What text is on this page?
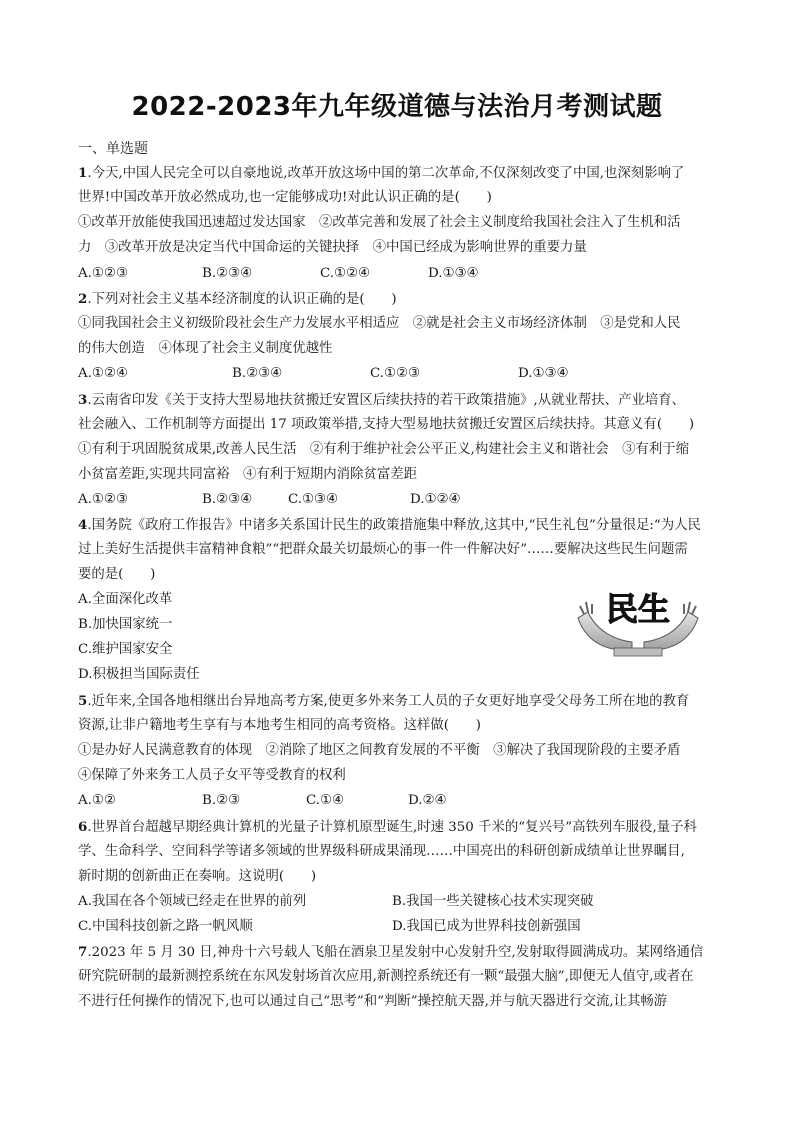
2022-2023年九年级道德与法治月考测试题
一、单选题
1.今天,中国人民完全可以自豪地说,改革开放这场中国的第二次革命,不仅深刻改变了中国,也深刻影响了
世界!中国改革开放必然成功,也一定能够成功!对此认识正确的是(　　)
①改革开放能使我国迅速超过发达国家　②改革完善和发展了社会主义制度给我国社会注入了生机和活
力　③改革开放是决定当代中国命运的关键抉择　④中国已经成为影响世界的重要力量
A.①②③	B.②③④	C.①②④	D.①③④
2.下列对社会主义基本经济制度的认识正确的是(　　)
①同我国社会主义初级阶段社会生产力发展水平相适应　②就是社会主义市场经济体制　③是党和人民
的伟大创造　④体现了社会主义制度优越性
A.①②④	B.②③④	C.①②③	D.①③④
3.云南省印发《关于支持大型易地扶贫搬迁安置区后续扶持的若干政策措施》,从就业帮扶、产业培育、
社会融入、工作机制等方面提出 17 项政策举措,支持大型易地扶贫搬迁安置区后续扶持。其意义有(　　)
①有利于巩固脱贫成果,改善人民生活　②有利于维护社会公平正义,构建社会主义和谐社会　③有利于缩
小贫富差距,实现共同富裕　④有利于短期内消除贫富差距
A.①②③	B.②③④	C.①③④	D.①②④
4.国务院《政府工作报告》中诸多关系国计民生的政策措施集中释放,这其中,“民生礼包”分量很足:“为人民
过上美好生活提供丰富精神食粮”“把群众最关切最烦心的事一件一件解决好”……要解决这些民生问题需
要的是(　　)
A.全面深化改革
B.加快国家统一
C.维护国家安全
D.积极担当国际责任
民生
5.近年来,全国各地相继出台异地高考方案,使更多外来务工人员的子女更好地享受父母务工所在地的教育
资源,让非户籍地考生享有与本地考生相同的高考资格。这样做(　　)
①是办好人民满意教育的体现　②消除了地区之间教育发展的不平衡　③解决了我国现阶段的主要矛盾
④保障了外来务工人员子女平等受教育的权利
A.①②	B.②③	C.①④	D.②④
6.世界首台超越早期经典计算机的光量子计算机原型诞生,时速 350 千米的“复兴号”高铁列车服役,量子科
学、生命科学、空间科学等诸多领域的世界级科研成果涌现……中国亮出的科研创新成绩单让世界瞩目,
新时期的创新曲正在奏响。这说明(　　)
A.我国在各个领域已经走在世界的前列	B.我国一些关键核心技术实现突破
C.中国科技创新之路一帆风顺	D.我国已成为世界科技创新强国
7.2023 年 5 月 30 日,神舟十六号载人飞船在酒泉卫星发射中心发射升空,发射取得圆满成功。某网络通信
研究院研制的最新测控系统在东风发射场首次应用,新测控系统还有一颗“最强大脑”,即便无人值守,或者在
不进行任何操作的情况下,也可以通过自己“思考”和“判断”操控航天器,并与航天器进行交流,让其畅游
